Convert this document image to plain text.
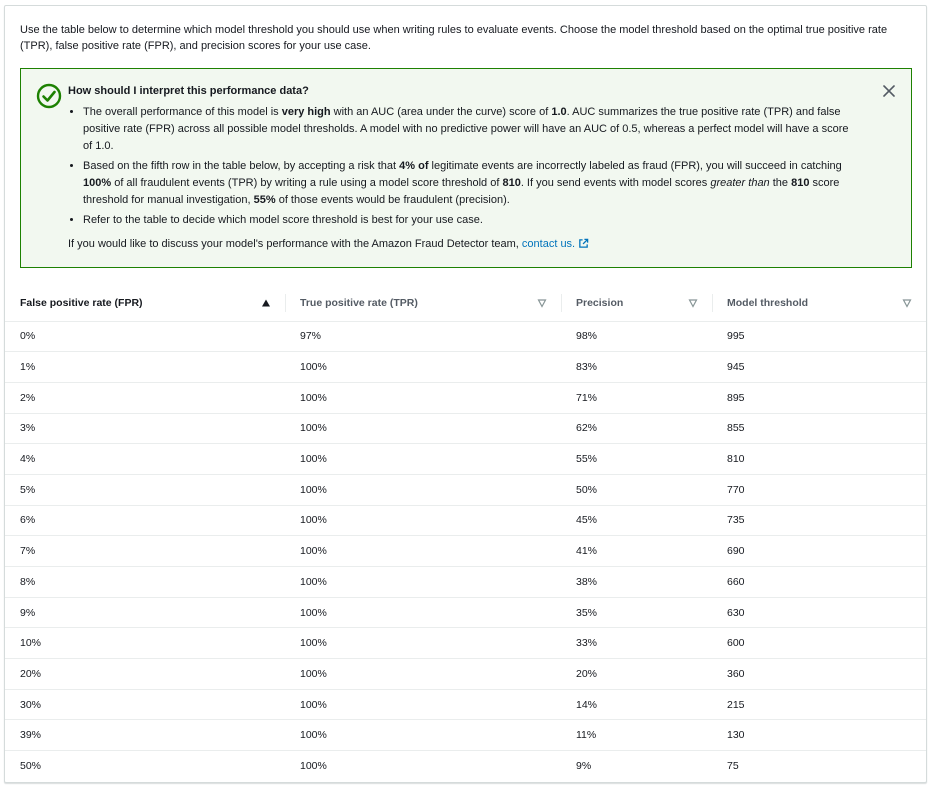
Use the table below to determine which model threshold you should use when writing rules to evaluate events. Choose the model threshold based on the optimal true positive rate (TPR), false positive rate (FPR), and precision scores for your use case.

How should I interpret this performance data?
• The overall performance of this model is very high with an AUC (area under the curve) score of 1.0. AUC summarizes the true positive rate (TPR) and false positive rate (FPR) across all possible model thresholds. A model with no predictive power will have an AUC of 0.5, whereas a perfect model will have a score of 1.0.
• Based on the fifth row in the table below, by accepting a risk that 4% of legitimate events are incorrectly labeled as fraud (FPR), you will succeed in catching 100% of all fraudulent events (TPR) by writing a rule using a model score threshold of 810. If you send events with model scores greater than the 810 score threshold for manual investigation, 55% of those events would be fraudulent (precision).
• Refer to the table to decide which model score threshold is best for your use case.

If you would like to discuss your model's performance with the Amazon Fraud Detector team, contact us.

False positive rate (FPR)	True positive rate (TPR)	Precision	Model threshold

0%	97%	98%	995
1%	100%	83%	945
2%	100%	71%	895
3%	100%	62%	855
4%	100%	55%	810
5%	100%	50%	770
6%	100%	45%	735
7%	100%	41%	690
8%	100%	38%	660
9%	100%	35%	630
10%	100%	33%	600
20%	100%	20%	360
30%	100%	14%	215
39%	100%	11%	130
50%	100%	9%	75
